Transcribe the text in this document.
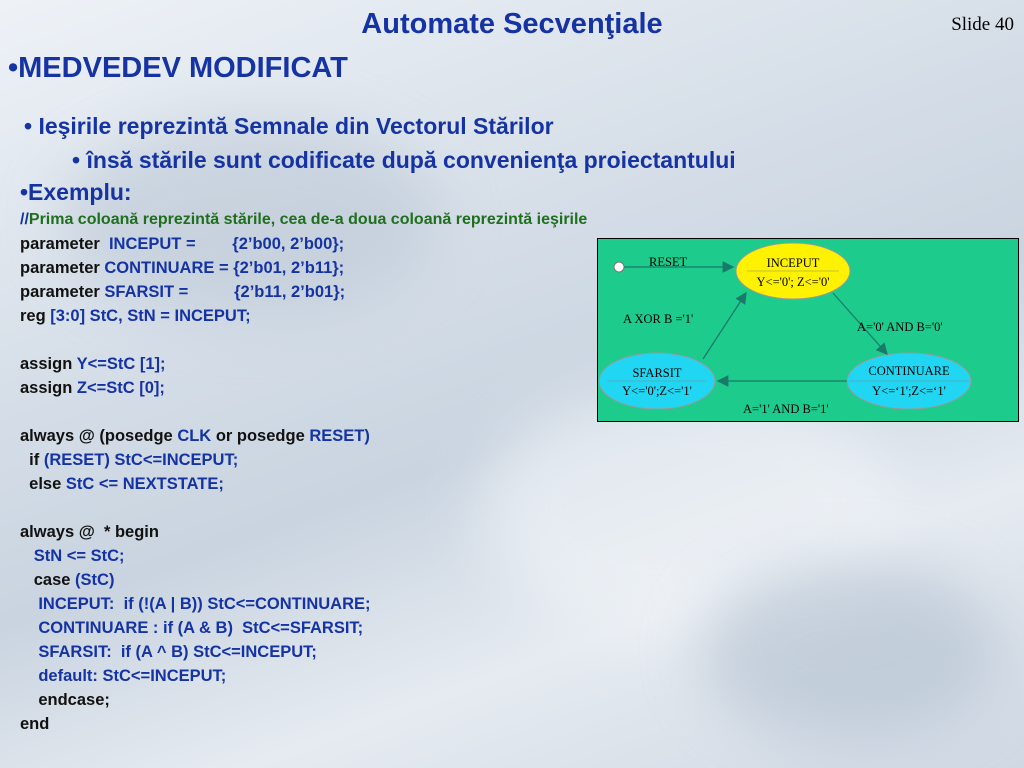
Slide 40
Automate Secvenţiale
•MEDVEDEV MODIFICAT
• Ieşirile reprezintă Semnale din Vectorul Stărilor
• însă stările sunt codificate după convenienţa proiectantului
•Exemplu:
//Prima coloană reprezintă stările, cea de-a doua coloană reprezintă ieşirile
parameter  INCEPUT =        {2’b00, 2’b00};
parameter CONTINUARE = {2’b01, 2’b11};
parameter SFARSIT =          {2’b11, 2’b01};
reg [3:0] StC, StN = INCEPUT;
assign Y<=StC [1];
assign Z<=StC [0];
always @ (posedge CLK or posedge RESET)
if (RESET) StC<=INCEPUT;
else StC <= NEXTSTATE;
always @  * begin
StN <= StC;
case (StC)
INCEPUT:  if (!(A | B)) StC<=CONTINUARE;
CONTINUARE : if (A & B)  StC<=SFARSIT;
SFARSIT:  if (A ^ B) StC<=INCEPUT;
default: StC<=INCEPUT;
endcase;
end
RESET	INCEPUT
Y<='0'; Z<='0'
SFARSIT
Y<='0';Z<='1'
CONTINUARE
Y<=‘1';Z<=‘1'
A='0' AND B='0'
A='1' AND B='1'
A XOR B ='1'
